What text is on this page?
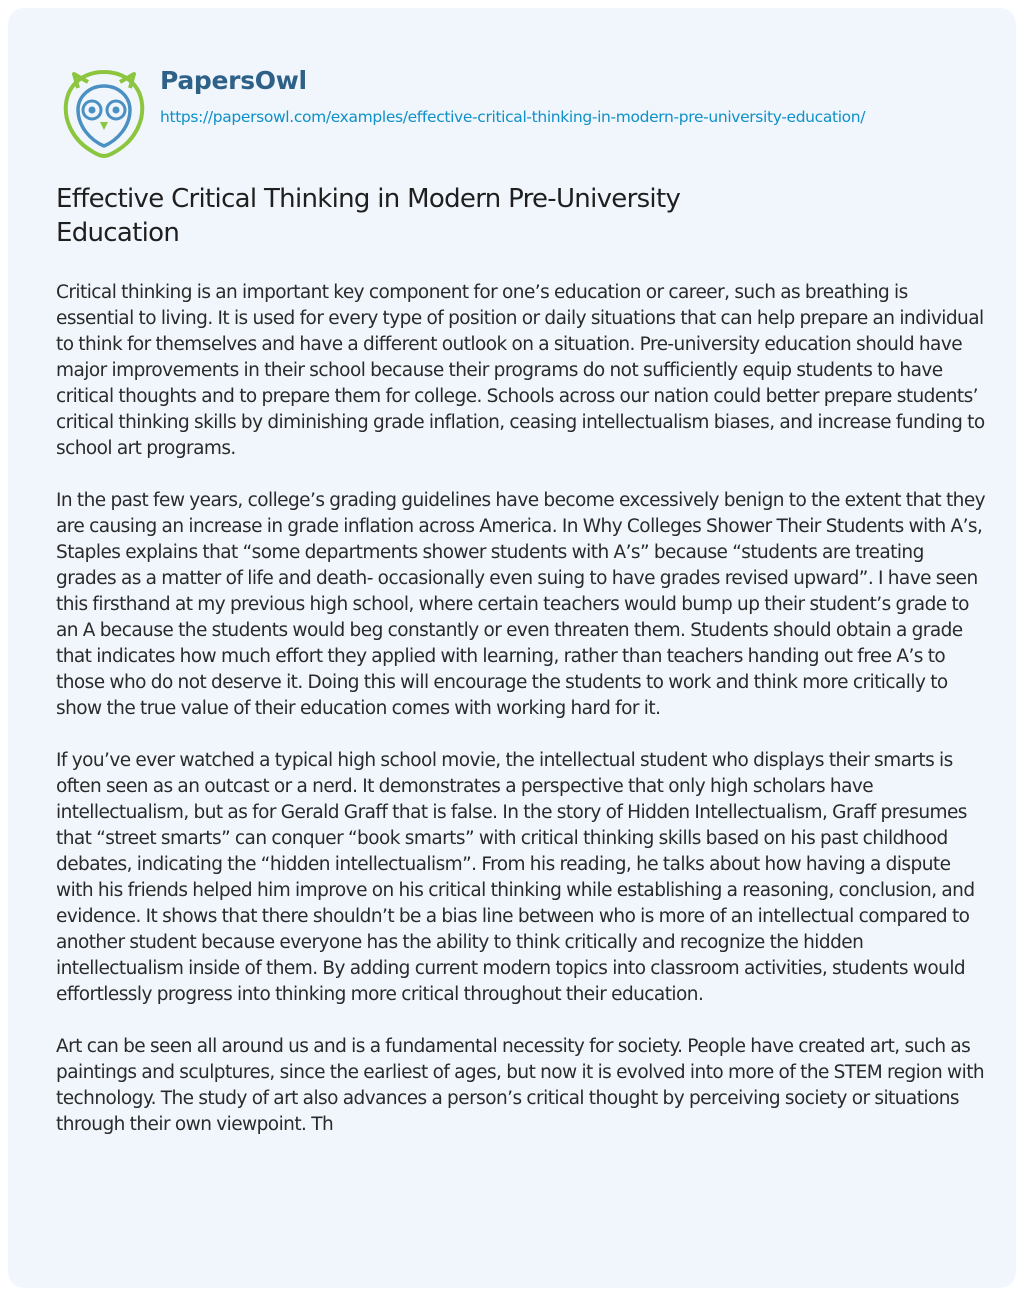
PapersOwl
https://papersowl.com/examples/effective-critical-thinking-in-modern-pre-university-education/
Effective Critical Thinking in Modern Pre-University Education

Critical thinking is an important key component for one’s education or career, such as breathing is essential to living. It is used for every type of position or daily situations that can help prepare an individual to think for themselves and have a different outlook on a situation. Pre-university education should have major improvements in their school because their programs do not sufficiently equip students to have critical thoughts and to prepare them for college. Schools across our nation could better prepare students’ critical thinking skills by diminishing grade inflation, ceasing intellectualism biases, and increase funding to school art programs.

In the past few years, college’s grading guidelines have become excessively benign to the extent that they are causing an increase in grade inflation across America. In Why Colleges Shower Their Students with A’s, Staples explains that “some departments shower students with A’s” because “students are treating grades as a matter of life and death- occasionally even suing to have grades revised upward”. I have seen this firsthand at my previous high school, where certain teachers would bump up their student’s grade to an A because the students would beg constantly or even threaten them. Students should obtain a grade that indicates how much effort they applied with learning, rather than teachers handing out free A’s to those who do not deserve it. Doing this will encourage the students to work and think more critically to show the true value of their education comes with working hard for it.

If you’ve ever watched a typical high school movie, the intellectual student who displays their smarts is often seen as an outcast or a nerd. It demonstrates a perspective that only high scholars have intellectualism, but as for Gerald Graff that is false. In the story of Hidden Intellectualism, Graff presumes that “street smarts” can conquer “book smarts” with critical thinking skills based on his past childhood debates, indicating the “hidden intellectualism”. From his reading, he talks about how having a dispute with his friends helped him improve on his critical thinking while establishing a reasoning, conclusion, and evidence. It shows that there shouldn’t be a bias line between who is more of an intellectual compared to another student because everyone has the ability to think critically and recognize the hidden intellectualism inside of them. By adding current modern topics into classroom activities, students would effortlessly progress into thinking more critical throughout their education.

Art can be seen all around us and is a fundamental necessity for society. People have created art, such as paintings and sculptures, since the earliest of ages, but now it is evolved into more of the STEM region with technology. The study of art also advances a person’s critical thought by perceiving society or situations through their own viewpoint. Th
